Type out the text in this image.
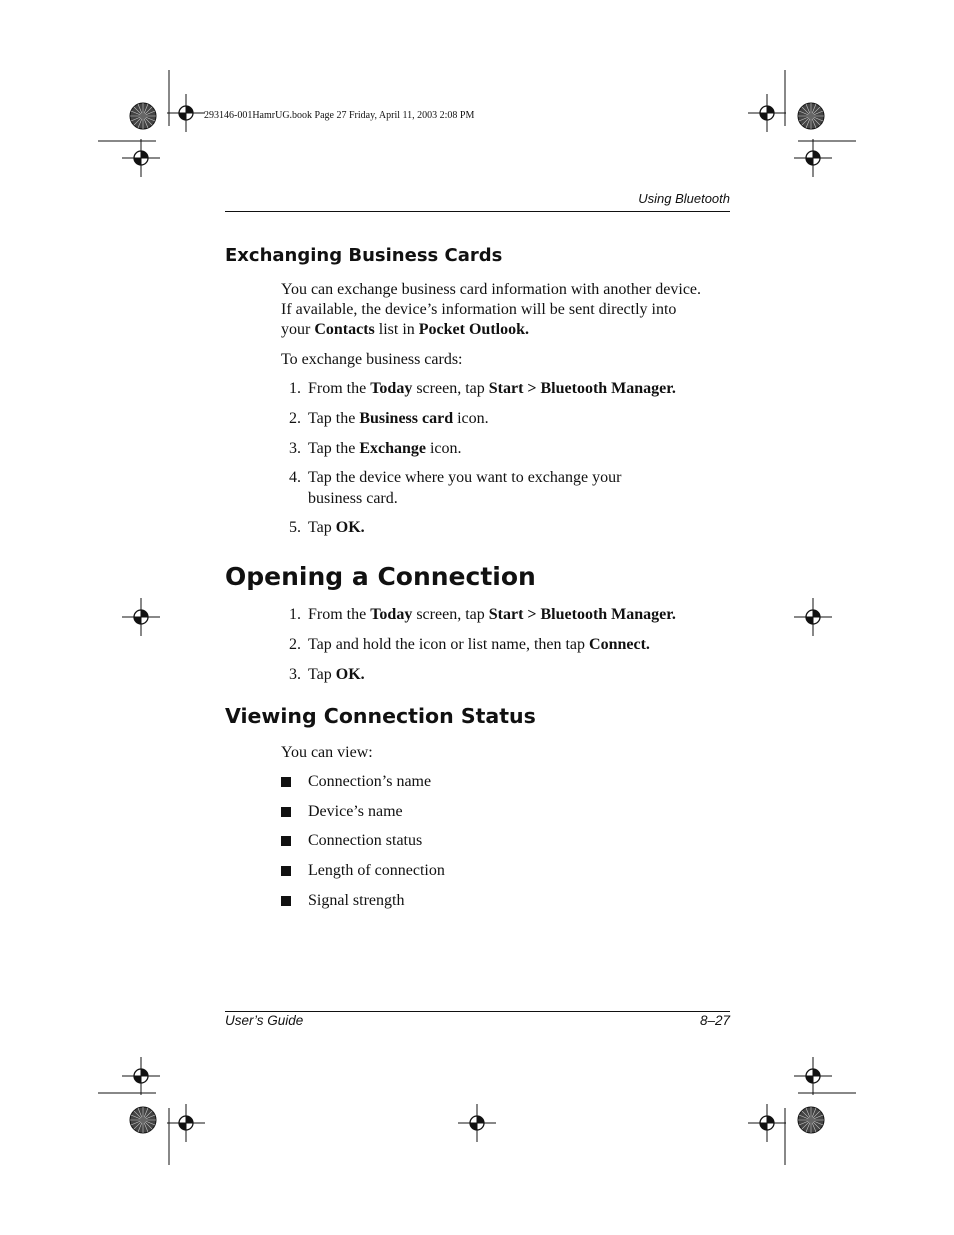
293146-001HamrUG.book Page 27 Friday, April 11, 2003 2:08 PM
Using Bluetooth
Exchanging Business Cards
You can exchange business card information with another device.
If available, the device’s information will be sent directly into
your Contacts list in Pocket Outlook.
To exchange business cards:
1. From the Today screen, tap Start > Bluetooth Manager.
2. Tap the Business card icon.
3. Tap the Exchange icon.
4. Tap the device where you want to exchange your
business card.
5. Tap OK.
Opening a Connection
1. From the Today screen, tap Start > Bluetooth Manager.
2. Tap and hold the icon or list name, then tap Connect.
3. Tap OK.
Viewing Connection Status
You can view:
Connection’s name
Device’s name
Connection status
Length of connection
Signal strength
User’s Guide	8–27
